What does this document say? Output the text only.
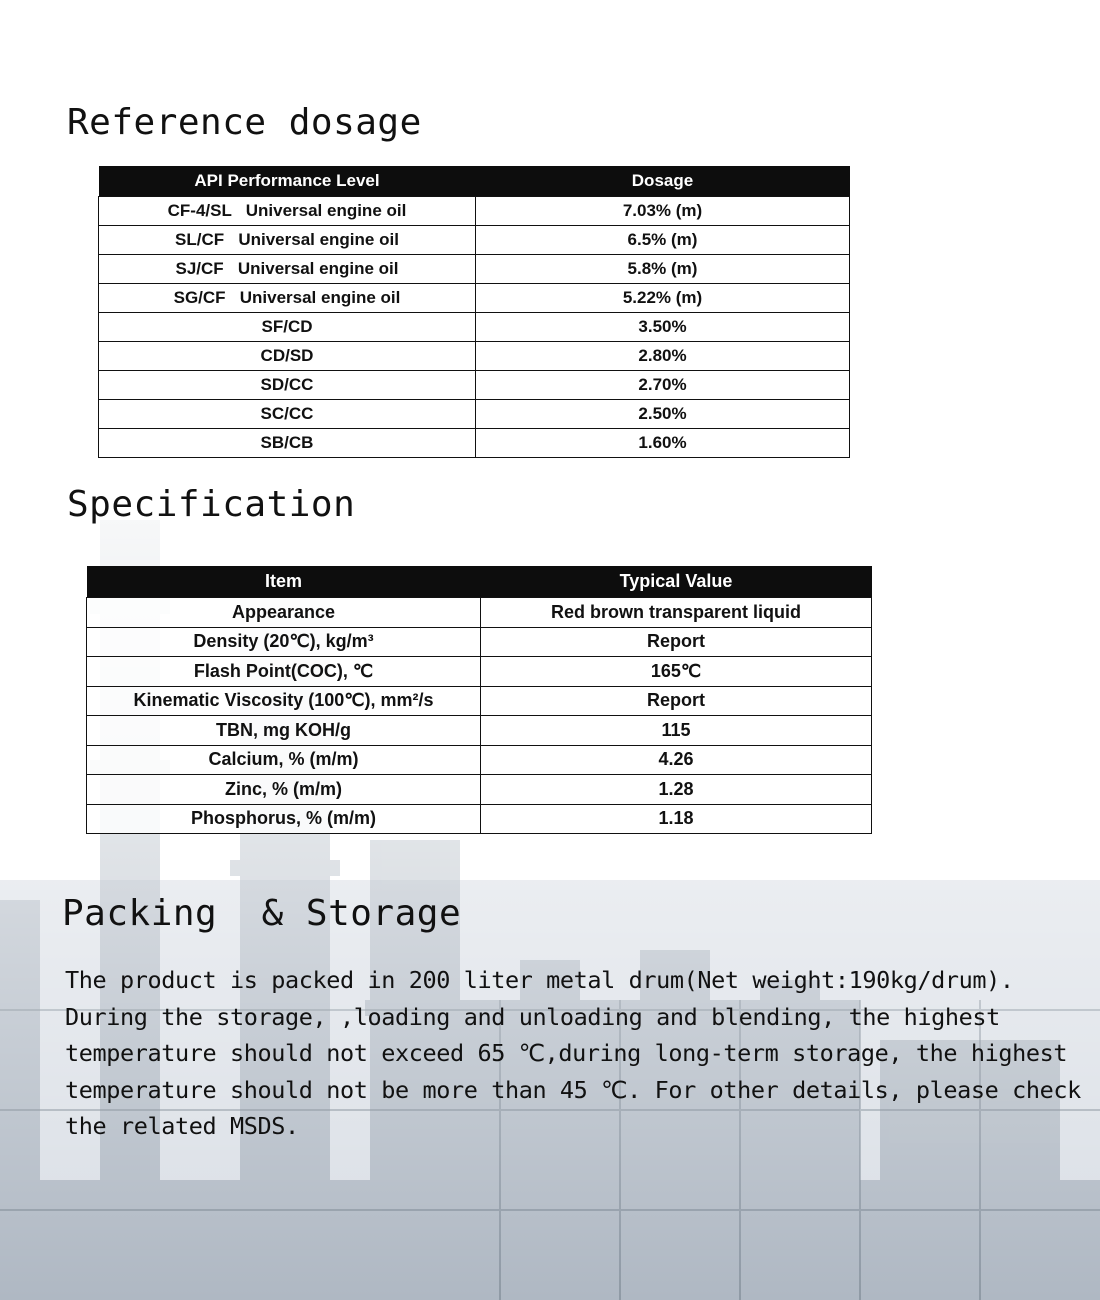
Reference dosage
API Performance Level	Dosage
CF-4/SL   Universal engine oil	7.03% (m)
SL/CF   Universal engine oil	6.5% (m)
SJ/CF   Universal engine oil	5.8% (m)
SG/CF   Universal engine oil	5.22% (m)
SF/CD	3.50%
CD/SD	2.80%
SD/CC	2.70%
SC/CC	2.50%
SB/CB	1.60%
Specification
Item	Typical Value
Appearance	Red brown transparent liquid
Density (20℃), kg/m³	Report
Flash Point(COC), ℃	165℃
Kinematic Viscosity (100℃), mm²/s	Report
TBN, mg KOH/g	115
Calcium, % (m/m)	4.26
Zinc, % (m/m)	1.28
Phosphorus, % (m/m)	1.18
Packing  & Storage
The product is packed in 200 liter metal drum(Net weight:190kg/drum).
During the storage, ,loading and unloading and blending, the highest
temperature should not exceed 65 ℃,during long-term storage, the highest
temperature should not be more than 45 ℃. For other details, please check
the related MSDS.
